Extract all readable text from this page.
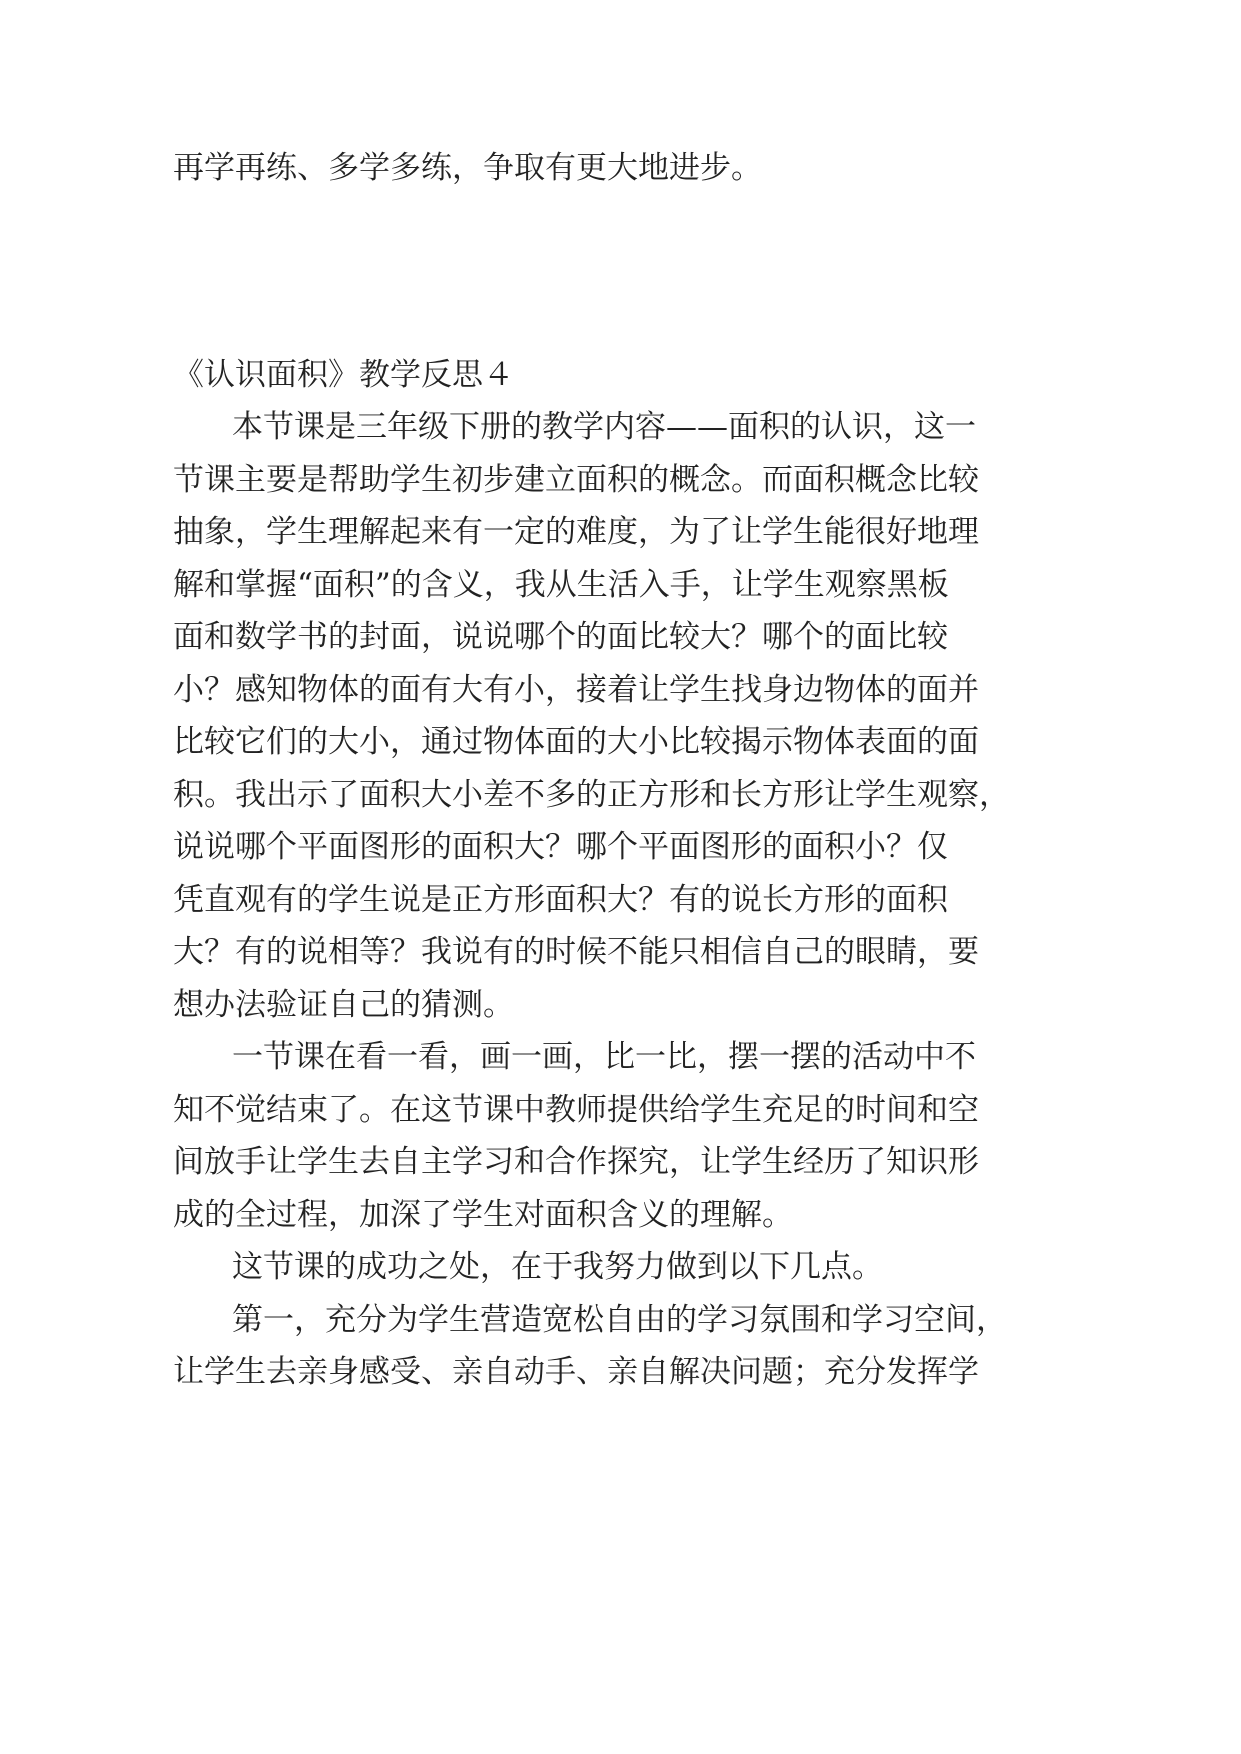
再学再练、多学多练，争取有更大地进步。
《认识面积》教学反思４
本节课是三年级下册的教学内容——面积的认识，这一
节课主要是帮助学生初步建立面积的概念。而面积概念比较
抽象，学生理解起来有一定的难度，为了让学生能很好地理
解和掌握“面积”的含义，我从生活入手，让学生观察黑板
面和数学书的封面，说说哪个的面比较大？哪个的面比较
小？感知物体的面有大有小，接着让学生找身边物体的面并
比较它们的大小，通过物体面的大小比较揭示物体表面的面
积。我出示了面积大小差不多的正方形和长方形让学生观察，
说说哪个平面图形的面积大？哪个平面图形的面积小？仅
凭直观有的学生说是正方形面积大？有的说长方形的面积
大？有的说相等？我说有的时候不能只相信自己的眼睛，要
想办法验证自己的猜测。
一节课在看一看，画一画，比一比，摆一摆的活动中不
知不觉结束了。在这节课中教师提供给学生充足的时间和空
间放手让学生去自主学习和合作探究，让学生经历了知识形
成的全过程，加深了学生对面积含义的理解。
这节课的成功之处，在于我努力做到以下几点。
第一，充分为学生营造宽松自由的学习氛围和学习空间，
让学生去亲身感受、亲自动手、亲自解决问题；充分发挥学
